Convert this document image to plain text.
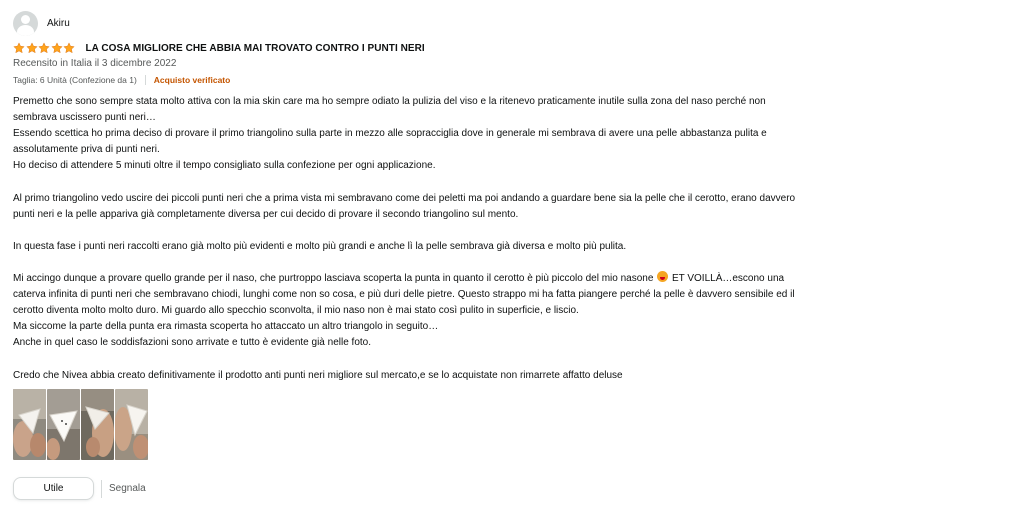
Akiru
LA COSA MIGLIORE CHE ABBIA MAI TROVATO CONTRO I PUNTI NERI
Recensito in Italia il 3 dicembre 2022
Taglia: 6 Unità (Confezione da 1) Acquisto verificato

Premetto che sono sempre stata molto attiva con la mia skin care ma ho sempre odiato la pulizia del viso e la ritenevo praticamente inutile sulla zona del naso perché non
sembrava uscissero punti neri…
Essendo scettica ho prima deciso di provare il primo triangolino sulla parte in mezzo alle sopracciglia dove in generale mi sembrava di avere una pelle abbastanza pulita e
assolutamente priva di punti neri.
Ho deciso di attendere 5 minuti oltre il tempo consigliato sulla confezione per ogni applicazione.

Al primo triangolino vedo uscire dei piccoli punti neri che a prima vista mi sembravano come dei peletti ma poi andando a guardare bene sia la pelle che il cerotto, erano davvero
punti neri e la pelle appariva già completamente diversa per cui decido di provare il secondo triangolino sul mento.

In questa fase i punti neri raccolti erano già molto più evidenti e molto più grandi e anche lì la pelle sembrava già diversa e molto più pulita.

Mi accingo dunque a provare quello grande per il naso, che purtroppo lasciava scoperta la punta in quanto il cerotto è più piccolo del mio nasone  ET VOILLÀ…escono una
caterva infinita di punti neri che sembravano chiodi, lunghi come non so cosa, e più duri delle pietre. Questo strappo mi ha fatta piangere perché la pelle è davvero sensibile ed il
cerotto diventa molto molto duro. Mi guardo allo specchio sconvolta, il mio naso non è mai stato così pulito in superficie, e liscio.
Ma siccome la parte della punta era rimasta scoperta ho attaccato un altro triangolo in seguito…
Anche in quel caso le soddisfazioni sono arrivate e tutto è evidente già nelle foto.

Credo che Nivea abbia creato definitivamente il prodotto anti punti neri migliore sul mercato,e se lo acquistate non rimarrete affatto deluse

Utile	Segnala
